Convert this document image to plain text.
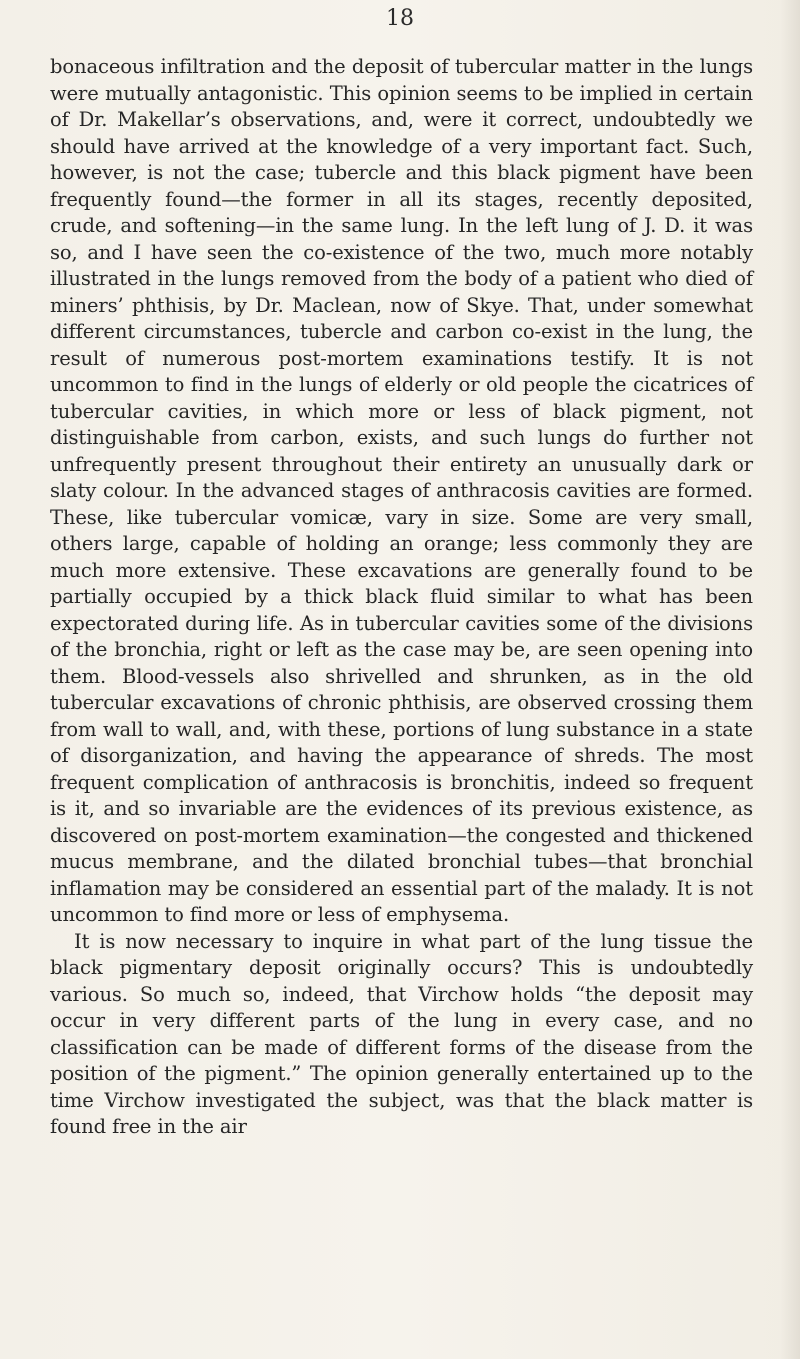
18

bonaceous infiltration and the deposit of tubercular matter in the lungs were mutually antagonistic. This opinion seems to be implied in certain of Dr. Makellar’s observations, and, were it correct, undoubtedly we should have arrived at the knowledge of a very important fact. Such, however, is not the case; tubercle and this black pigment have been frequently found—the former in all its stages, recently deposited, crude, and softening—in the same lung. In the left lung of J. D. it was so, and I have seen the co-existence of the two, much more notably illustrated in the lungs removed from the body of a patient who died of miners’ phthisis, by Dr. Maclean, now of Skye. That, under somewhat different circumstances, tubercle and carbon co-exist in the lung, the result of numerous post-mortem examinations testify. It is not uncommon to find in the lungs of elderly or old people the cicatrices of tubercular cavities, in which more or less of black pigment, not distinguishable from carbon, exists, and such lungs do further not unfrequently present throughout their entirety an unusually dark or slaty colour. In the advanced stages of anthracosis cavities are formed. These, like tubercular vomicæ, vary in size. Some are very small, others large, capable of holding an orange; less commonly they are much more extensive. These excavations are generally found to be partially occupied by a thick black fluid similar to what has been expectorated during life. As in tubercular cavities some of the divisions of the bronchia, right or left as the case may be, are seen opening into them. Blood-vessels also shrivelled and shrunken, as in the old tubercular excavations of chronic phthisis, are observed crossing them from wall to wall, and, with these, portions of lung substance in a state of disorganization, and having the appearance of shreds. The most frequent complication of anthracosis is bronchitis, indeed so frequent is it, and so invariable are the evidences of its previous existence, as discovered on post-mortem examination—the congested and thickened mucus membrane, and the dilated bronchial tubes—that bronchial inflamation may be considered an essential part of the malady. It is not uncommon to find more or less of emphysema.

It is now necessary to inquire in what part of the lung tissue the black pigmentary deposit originally occurs? This is undoubtedly various. So much so, indeed, that Virchow holds “the deposit may occur in very different parts of the lung in every case, and no classification can be made of different forms of the disease from the position of the pigment.” The opinion generally entertained up to the time Virchow investigated the subject, was that the black matter is found free in the air
